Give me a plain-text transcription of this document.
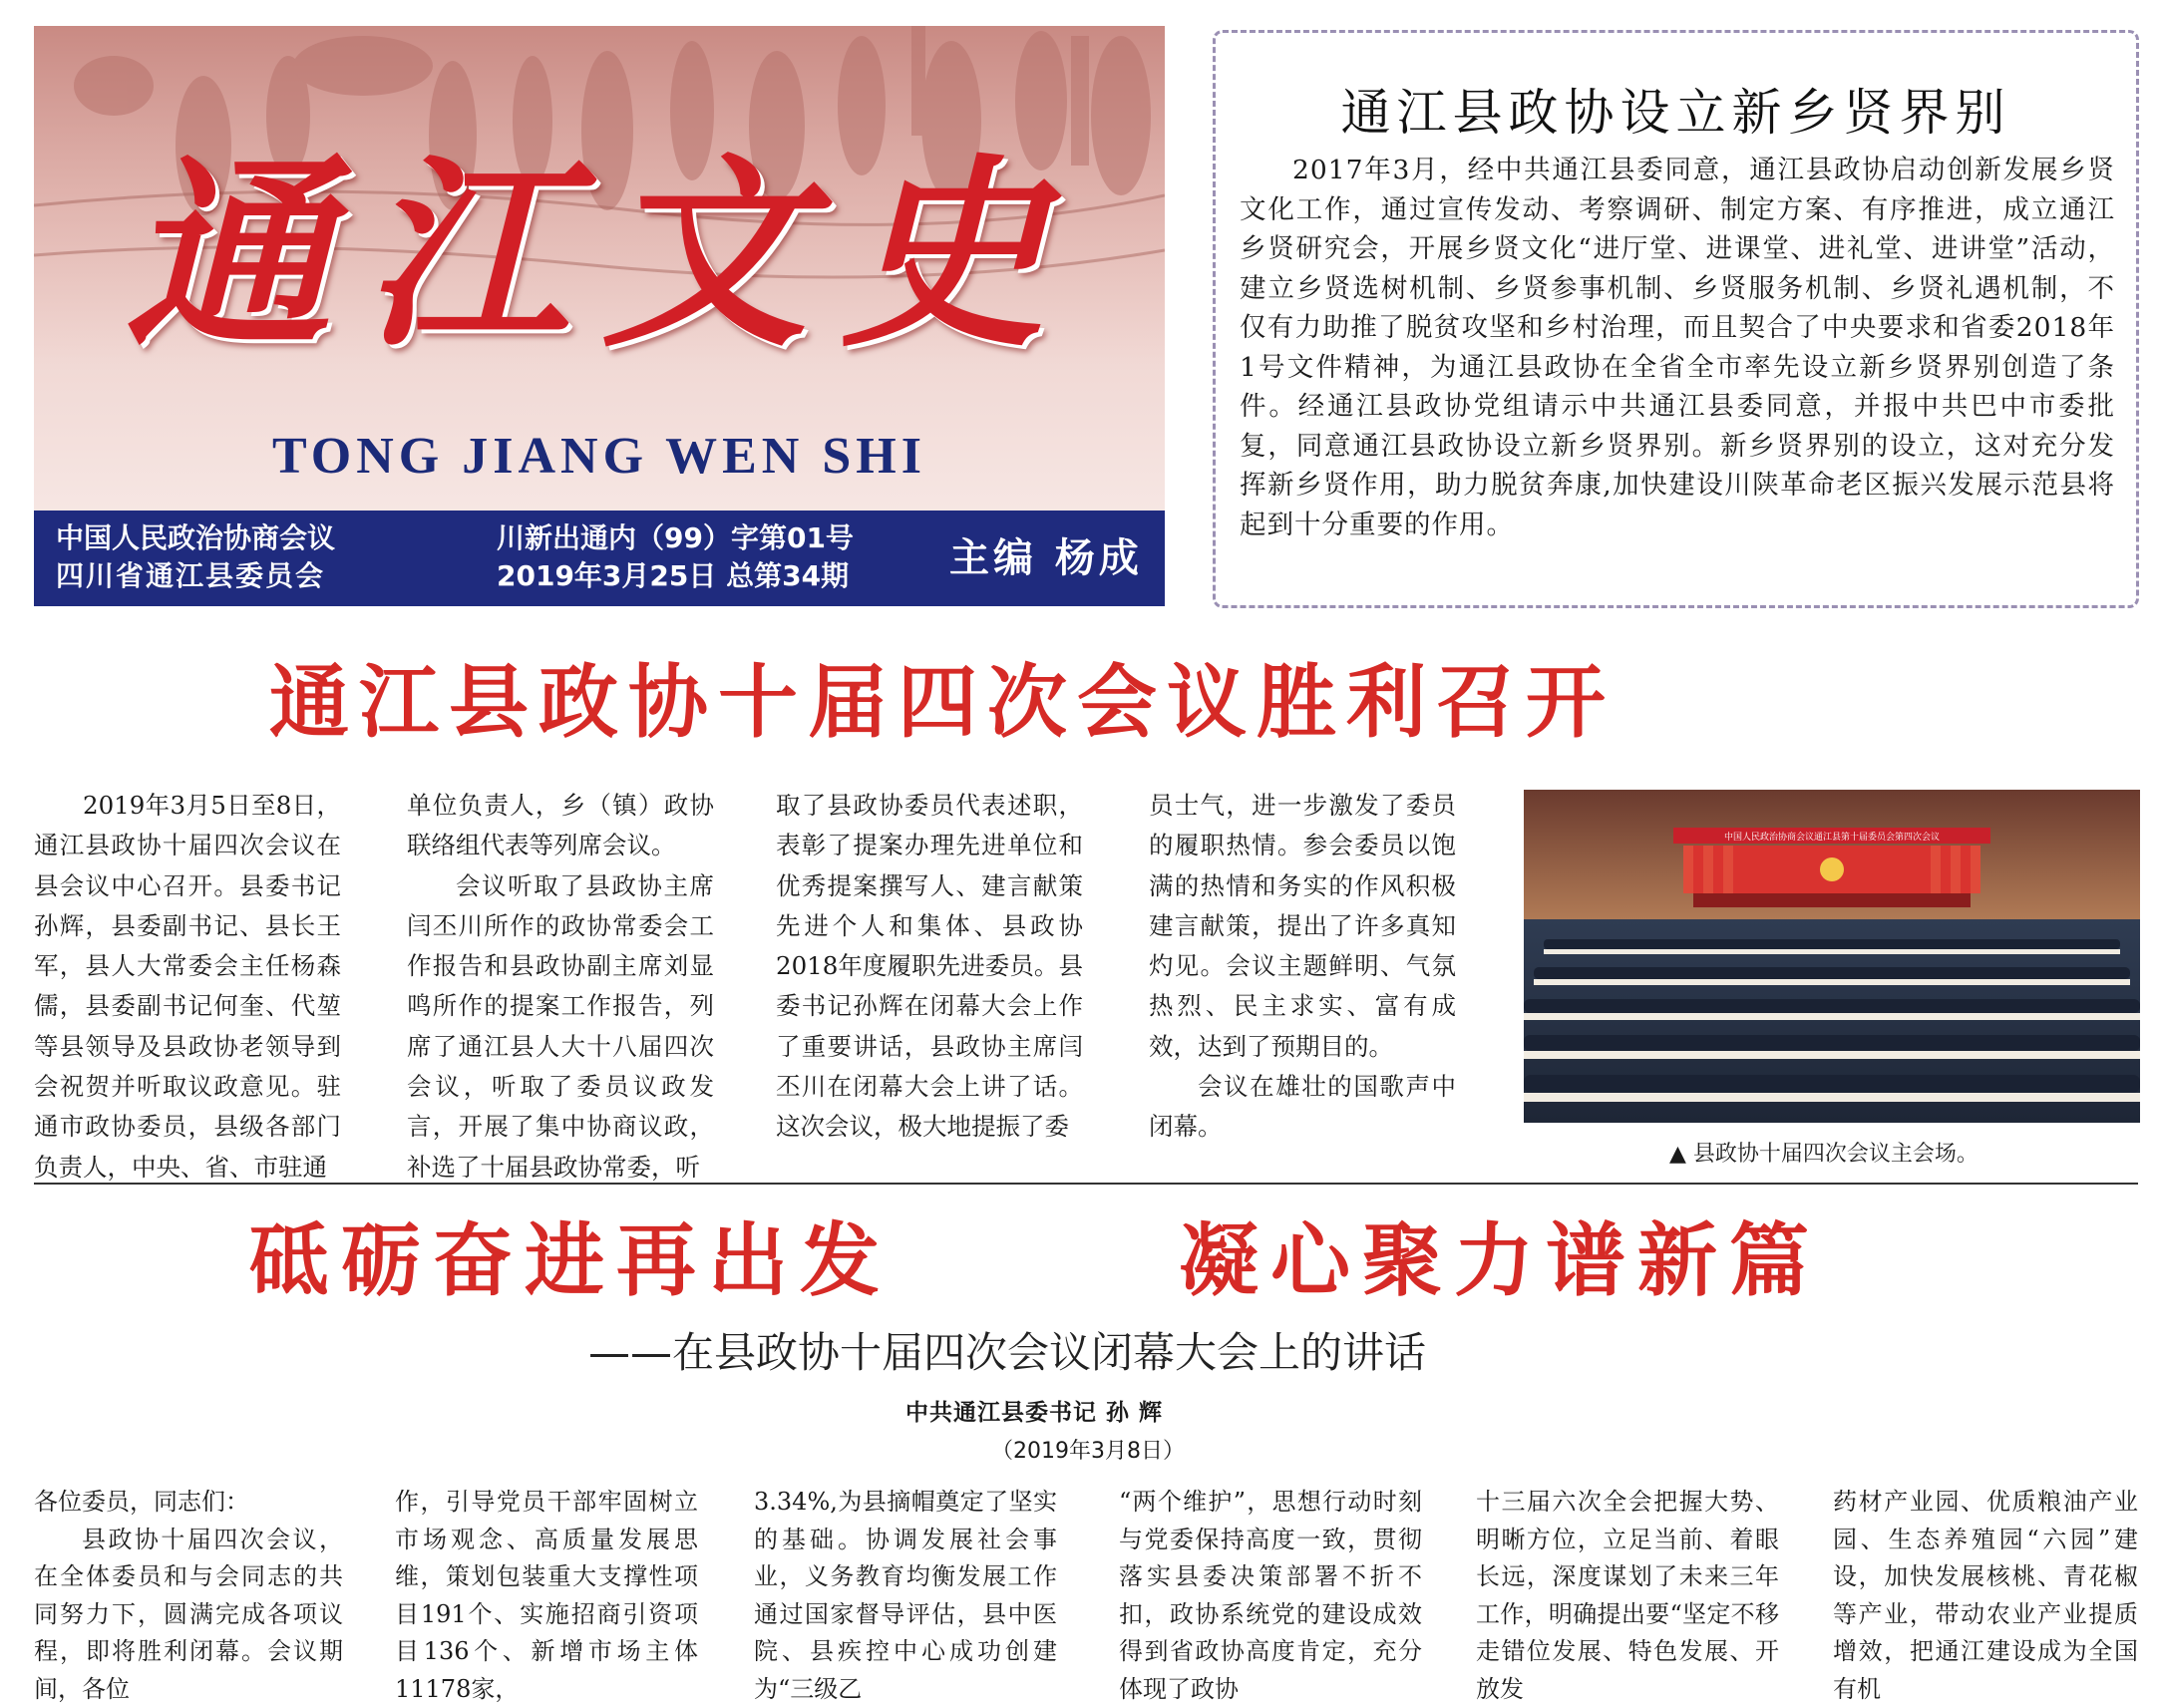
通江文史
TONG JIANG WEN SHI
中国人民政治协商会议
四川省通江县委员会
川新出通内（99）字第01号
2019年3月25日 总第34期	主编 杨成
通江县政协设立新乡贤界别
2017年3月，经中共通江县委同意，通江县政协启动创新发展乡贤文化工作，通过宣传发动、考察调研、制定方案、有序推进，成立通江乡贤研究会，开展乡贤文化“进厅堂、进课堂、进礼堂、进讲堂”活动，建立乡贤选树机制、乡贤参事机制、乡贤服务机制、乡贤礼遇机制，不仅有力助推了脱贫攻坚和乡村治理，而且契合了中央要求和省委2018年1号文件精神，为通江县政协在全省全市率先设立新乡贤界别创造了条件。经通江县政协党组请示中共通江县委同意，并报中共巴中市委批复，同意通江县政协设立新乡贤界别。新乡贤界别的设立，这对充分发挥新乡贤作用，助力脱贫奔康,加快建设川陕革命老区振兴发展示范县将起到十分重要的作用。
通江县政协十届四次会议胜利召开

2019年3月5日至8日，通江县政协十届四次会议在县会议中心召开。县委书记孙辉，县委副书记、县长王军，县人大常委会主任杨森儒，县委副书记何奎、代堃等县领导及县政协老领导到会祝贺并听取议政意见。驻通市政协委员，县级各部门负责人，中央、省、市驻通

单位负责人，乡（镇）政协联络组代表等列席会议。

会议听取了县政协主席闫丕川所作的政协常委会工作报告和县政协副主席刘显鸣所作的提案工作报告，列席了通江县人大十八届四次会议，听取了委员议政发言，开展了集中协商议政，补选了十届县政协常委，听

取了县政协委员代表述职，表彰了提案办理先进单位和优秀提案撰写人、建言献策先进个人和集体、县政协2018年度履职先进委员。县委书记孙辉在闭幕大会上作了重要讲话，县政协主席闫丕川在闭幕大会上讲了话。这次会议，极大地提振了委

员士气，进一步激发了委员的履职热情。参会委员以饱满的热情和务实的作风积极建言献策，提出了许多真知灼见。会议主题鲜明、气氛热烈、民主求实、富有成效，达到了预期目的。

会议在雄壮的国歌声中闭幕。

中国人民政治协商会议通江县第十届委员会第四次会议
▲ 县政协十届四次会议主会场。
砥砺奋进再出发	凝心聚力谱新篇
——在县政协十届四次会议闭幕大会上的讲话
中共通江县委书记 孙 辉
（2019年3月8日）

各位委员，同志们：

县政协十届四次会议，在全体委员和与会同志的共同努力下，圆满完成各项议程，即将胜利闭幕。会议期间，各位

作，引导党员干部牢固树立市场观念、高质量发展思维，策划包装重大支撑性项目191个、实施招商引资项目136个、新增市场主体11178家，

3.34%,为县摘帽奠定了坚实的基础。协调发展社会事业，义务教育均衡发展工作通过国家督导评估，县中医院、县疾控中心成功创建为“三级乙

“两个维护”，思想行动时刻与党委保持高度一致，贯彻落实县委决策部署不折不扣，政协系统党的建设成效得到省政协高度肯定，充分体现了政协

十三届六次全会把握大势、明晰方位，立足当前、着眼长远，深度谋划了未来三年工作，明确提出要“坚定不移走错位发展、特色发展、开放发

药材产业园、优质粮油产业园、生态养殖园“六园”建设，加快发展核桃、青花椒等产业，带动农业产业提质增效，把通江建设成为全国有机
